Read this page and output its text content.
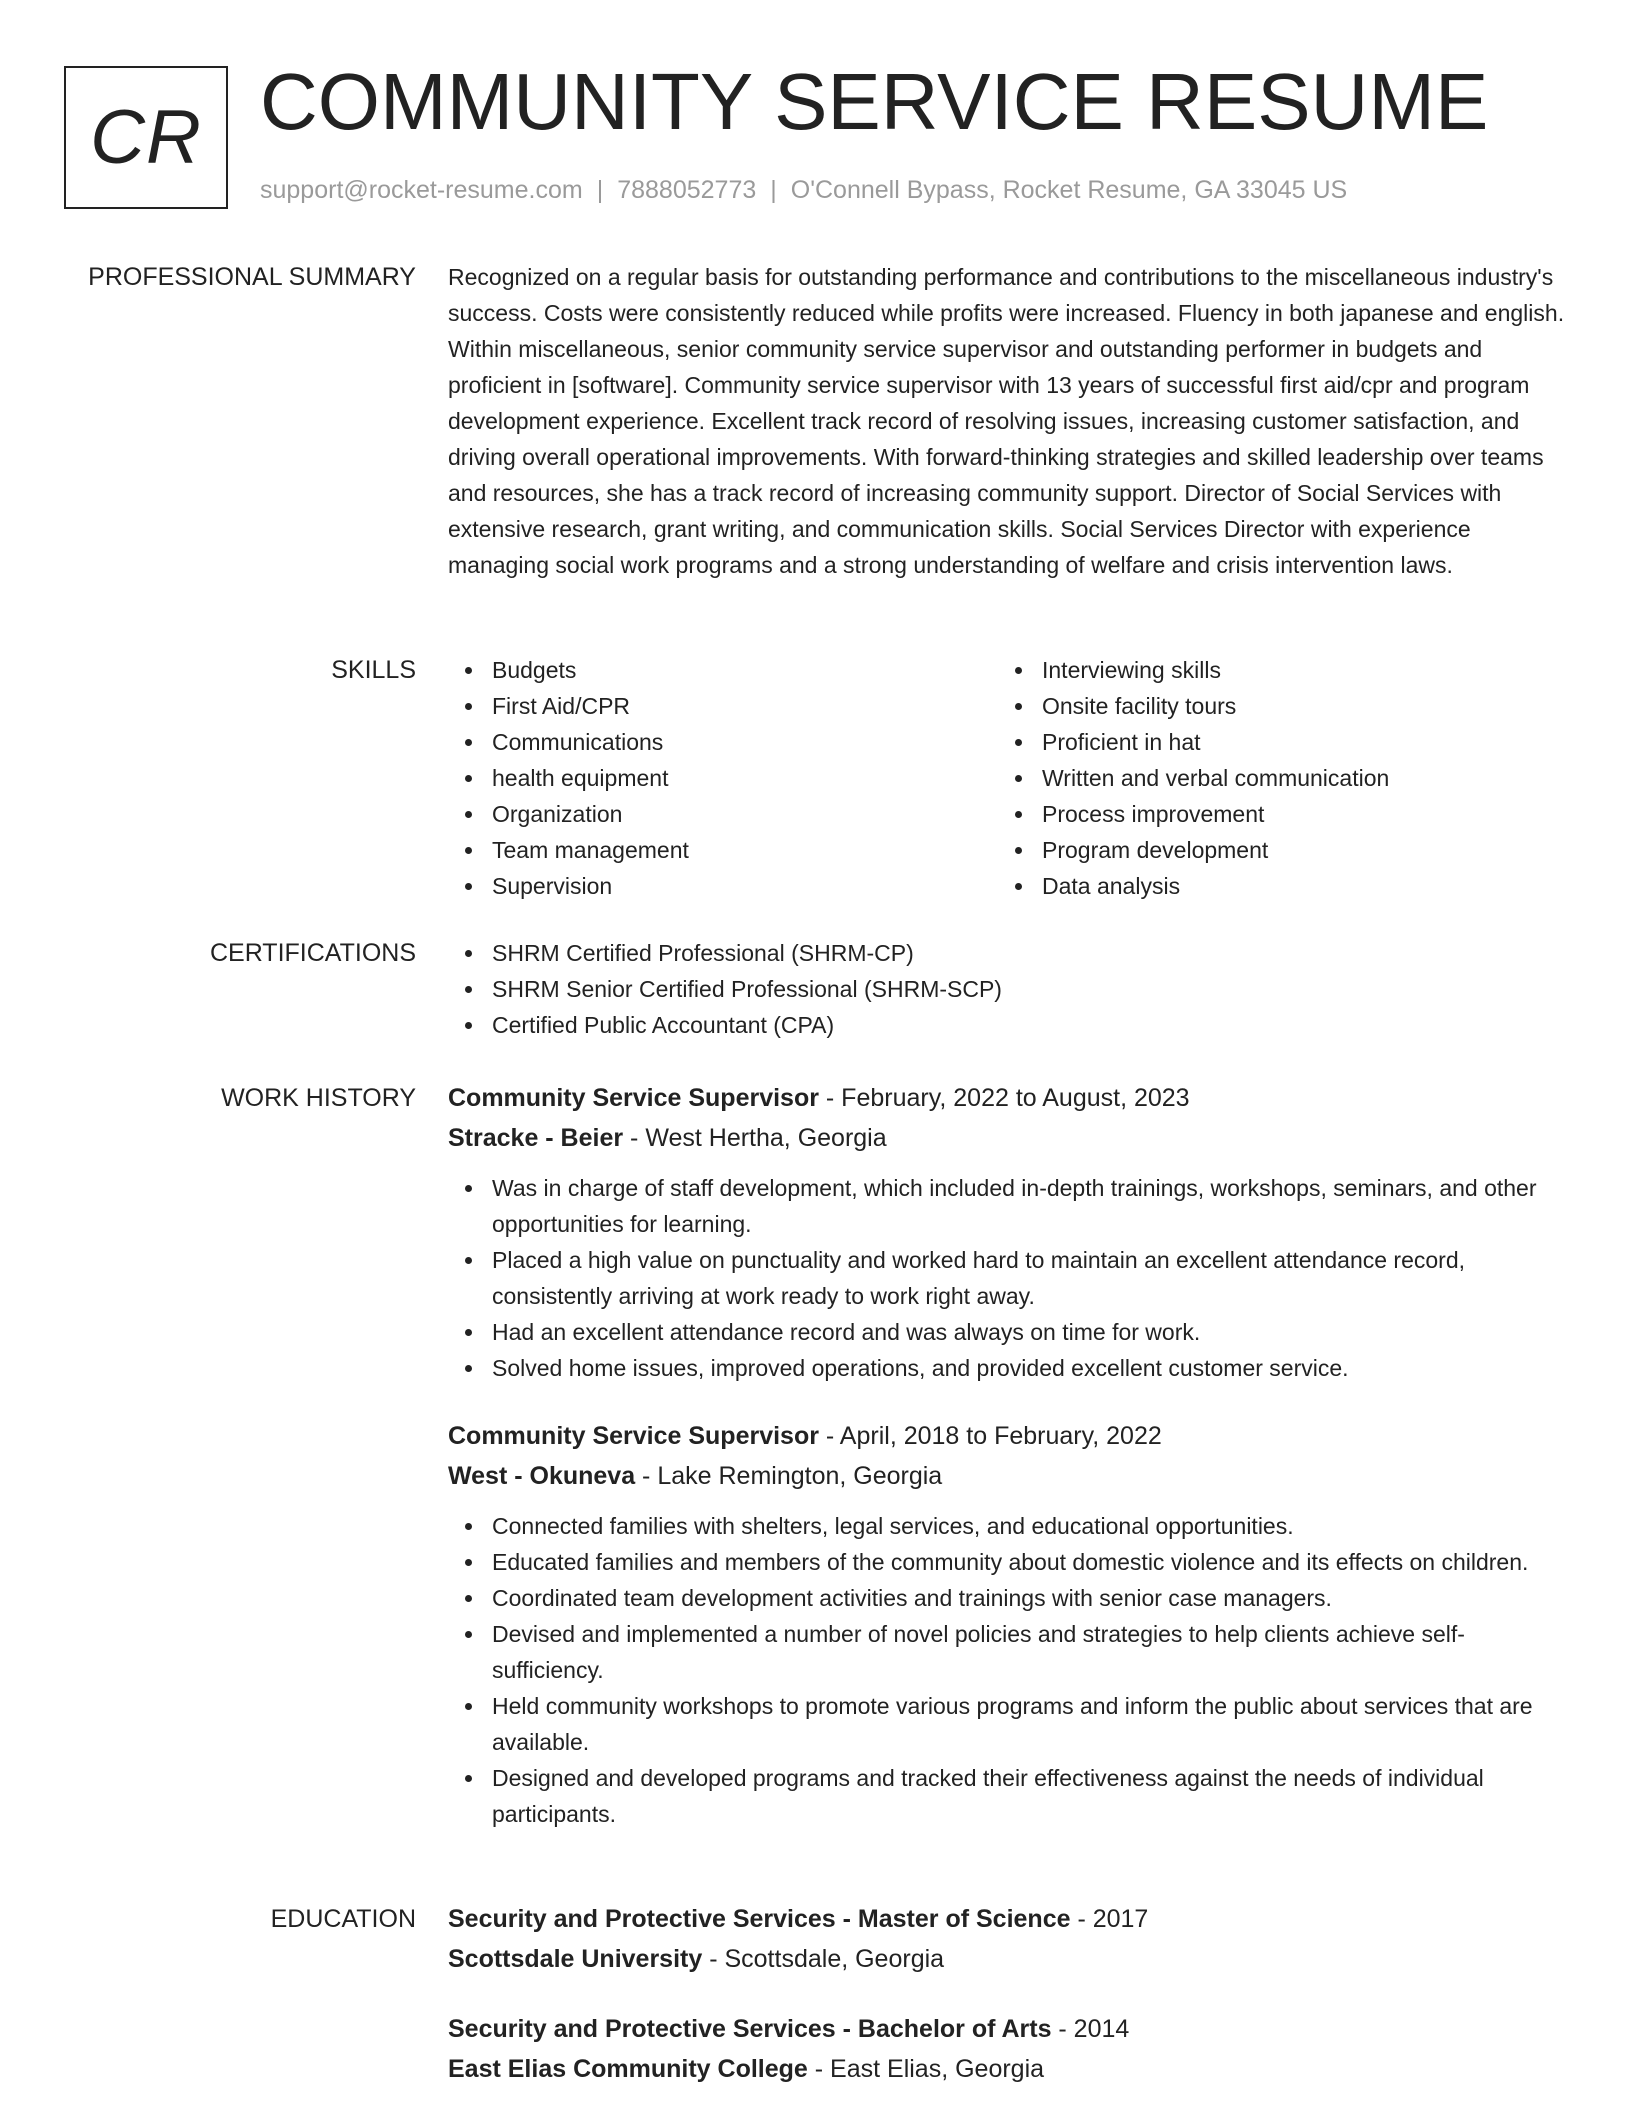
CR COMMUNITY SERVICE RESUME
support@rocket-resume.com | 7888052773 | O'Connell Bypass, Rocket Resume, GA 33045 US
PROFESSIONAL SUMMARY Recognized on a regular basis for outstanding performance and contributions to the miscellaneous industry's success. Costs were consistently reduced while profits were increased. Fluency in both japanese and english. Within miscellaneous, senior community service supervisor and outstanding performer in budgets and proficient in [software]. Community service supervisor with 13 years of successful first aid/cpr and program development experience. Excellent track record of resolving issues, increasing customer satisfaction, and driving overall operational improvements. With forward-thinking strategies and skilled leadership over teams and resources, she has a track record of increasing community support. Director of Social Services with extensive research, grant writing, and communication skills. Social Services Director with experience managing social work programs and a strong understanding of welfare and crisis intervention laws.
SKILLS	Budgets
First Aid/CPR
Communications
health equipment
Organization
Team management
Supervision
Interviewing skills
Onsite facility tours
Proficient in hat
Written and verbal communication
Process improvement
Program development
Data analysis
CERTIFICATIONS	SHRM Certified Professional (SHRM-CP)
SHRM Senior Certified Professional (SHRM-SCP)
Certified Public Accountant (CPA)
WORK HISTORY Community Service Supervisor - February, 2022 to August, 2023
Stracke - Beier - West Hertha, Georgia
Was in charge of staff development, which included in-depth trainings, workshops, seminars, and other opportunities for learning.
Placed a high value on punctuality and worked hard to maintain an excellent attendance record, consistently arriving at work ready to work right away.
Had an excellent attendance record and was always on time for work.
Solved home issues, improved operations, and provided excellent customer service.
Community Service Supervisor - April, 2018 to February, 2022
West - Okuneva - Lake Remington, Georgia
Connected families with shelters, legal services, and educational opportunities.
Educated families and members of the community about domestic violence and its effects on children.
Coordinated team development activities and trainings with senior case managers.
Devised and implemented a number of novel policies and strategies to help clients achieve self-sufficiency.
Held community workshops to promote various programs and inform the public about services that are available.
Designed and developed programs and tracked their effectiveness against the needs of individual participants.
EDUCATION Security and Protective Services - Master of Science - 2017
Scottsdale University - Scottsdale, Georgia
Security and Protective Services - Bachelor of Arts - 2014
East Elias Community College - East Elias, Georgia
